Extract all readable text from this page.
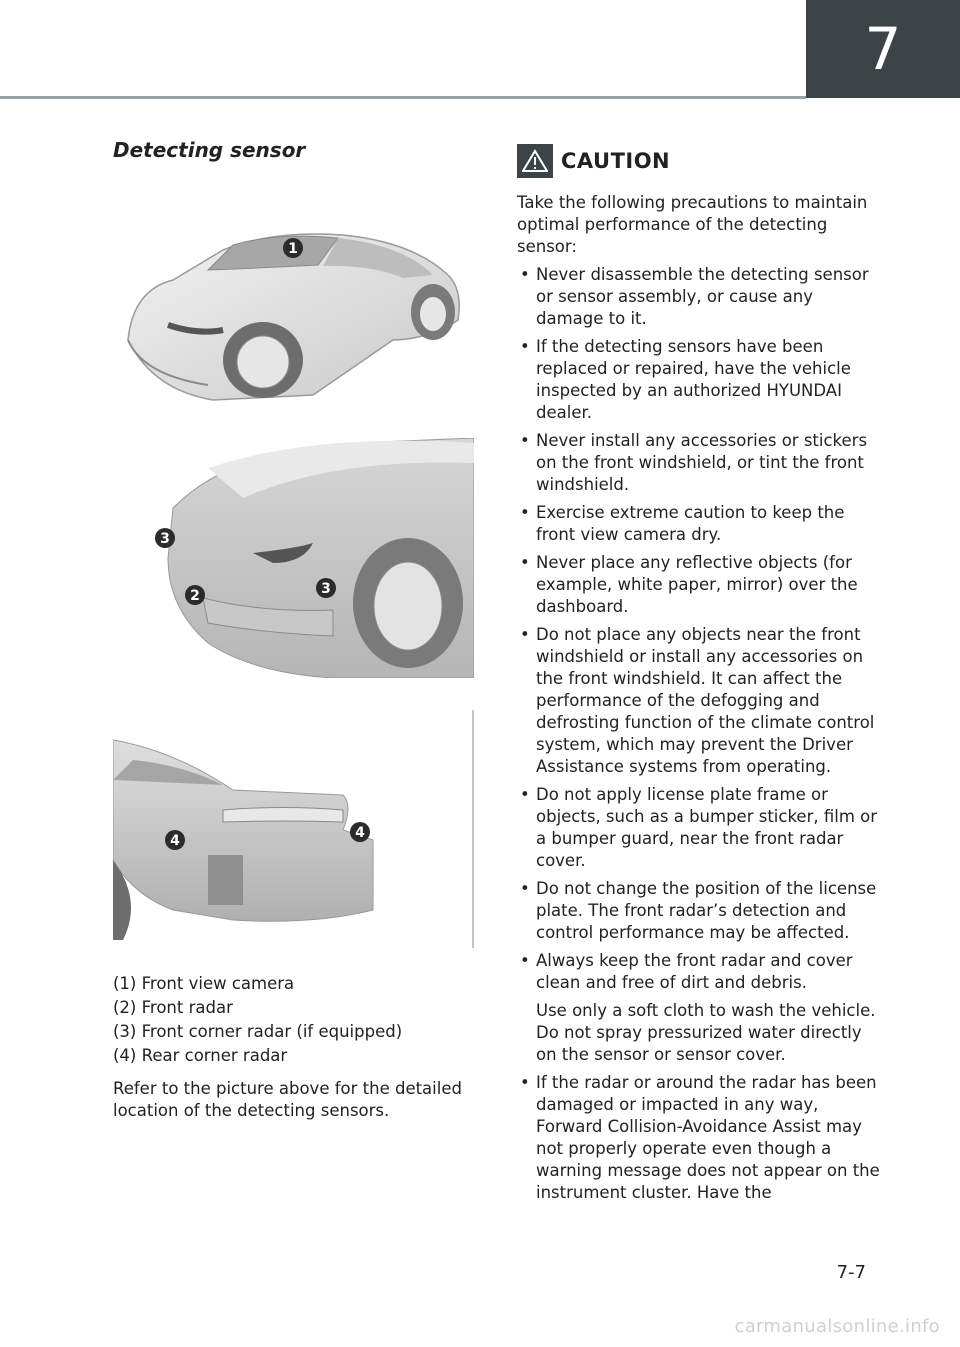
7
Detecting sensor
1
3
2	3
4	4
(1) Front view camera
(2) Front radar
(3) Front corner radar (if equipped)
(4) Rear corner radar
Refer to the picture above for the detailed location of the detecting sensors.
CAUTION

Take the following precautions to maintain optimal performance of the detecting sensor:

• Never disassemble the detecting sensor or sensor assembly, or cause any damage to it.
• If the detecting sensors have been replaced or repaired, have the vehicle inspected by an authorized HYUNDAI dealer.
• Never install any accessories or stickers on the front windshield, or tint the front windshield.
• Exercise extreme caution to keep the front view camera dry.
• Never place any reflective objects (for example, white paper, mirror) over the dashboard.
• Do not place any objects near the front windshield or install any accessories on the front windshield. It can affect the performance of the defogging and defrosting function of the climate control system, which may prevent the Driver Assistance systems from operating.
• Do not apply license plate frame or objects, such as a bumper sticker, film or a bumper guard, near the front radar cover.
• Do not change the position of the license plate. The front radar’s detection and control performance may be affected.
• Always keep the front radar and cover clean and free of dirt and debris.
Use only a soft cloth to wash the vehicle. Do not spray pressurized water directly on the sensor or sensor cover.
• If the radar or around the radar has been damaged or impacted in any way, Forward Collision-Avoidance Assist may not properly operate even though a warning message does not appear on the instrument cluster. Have the
7-7
carmanualsonline.info
